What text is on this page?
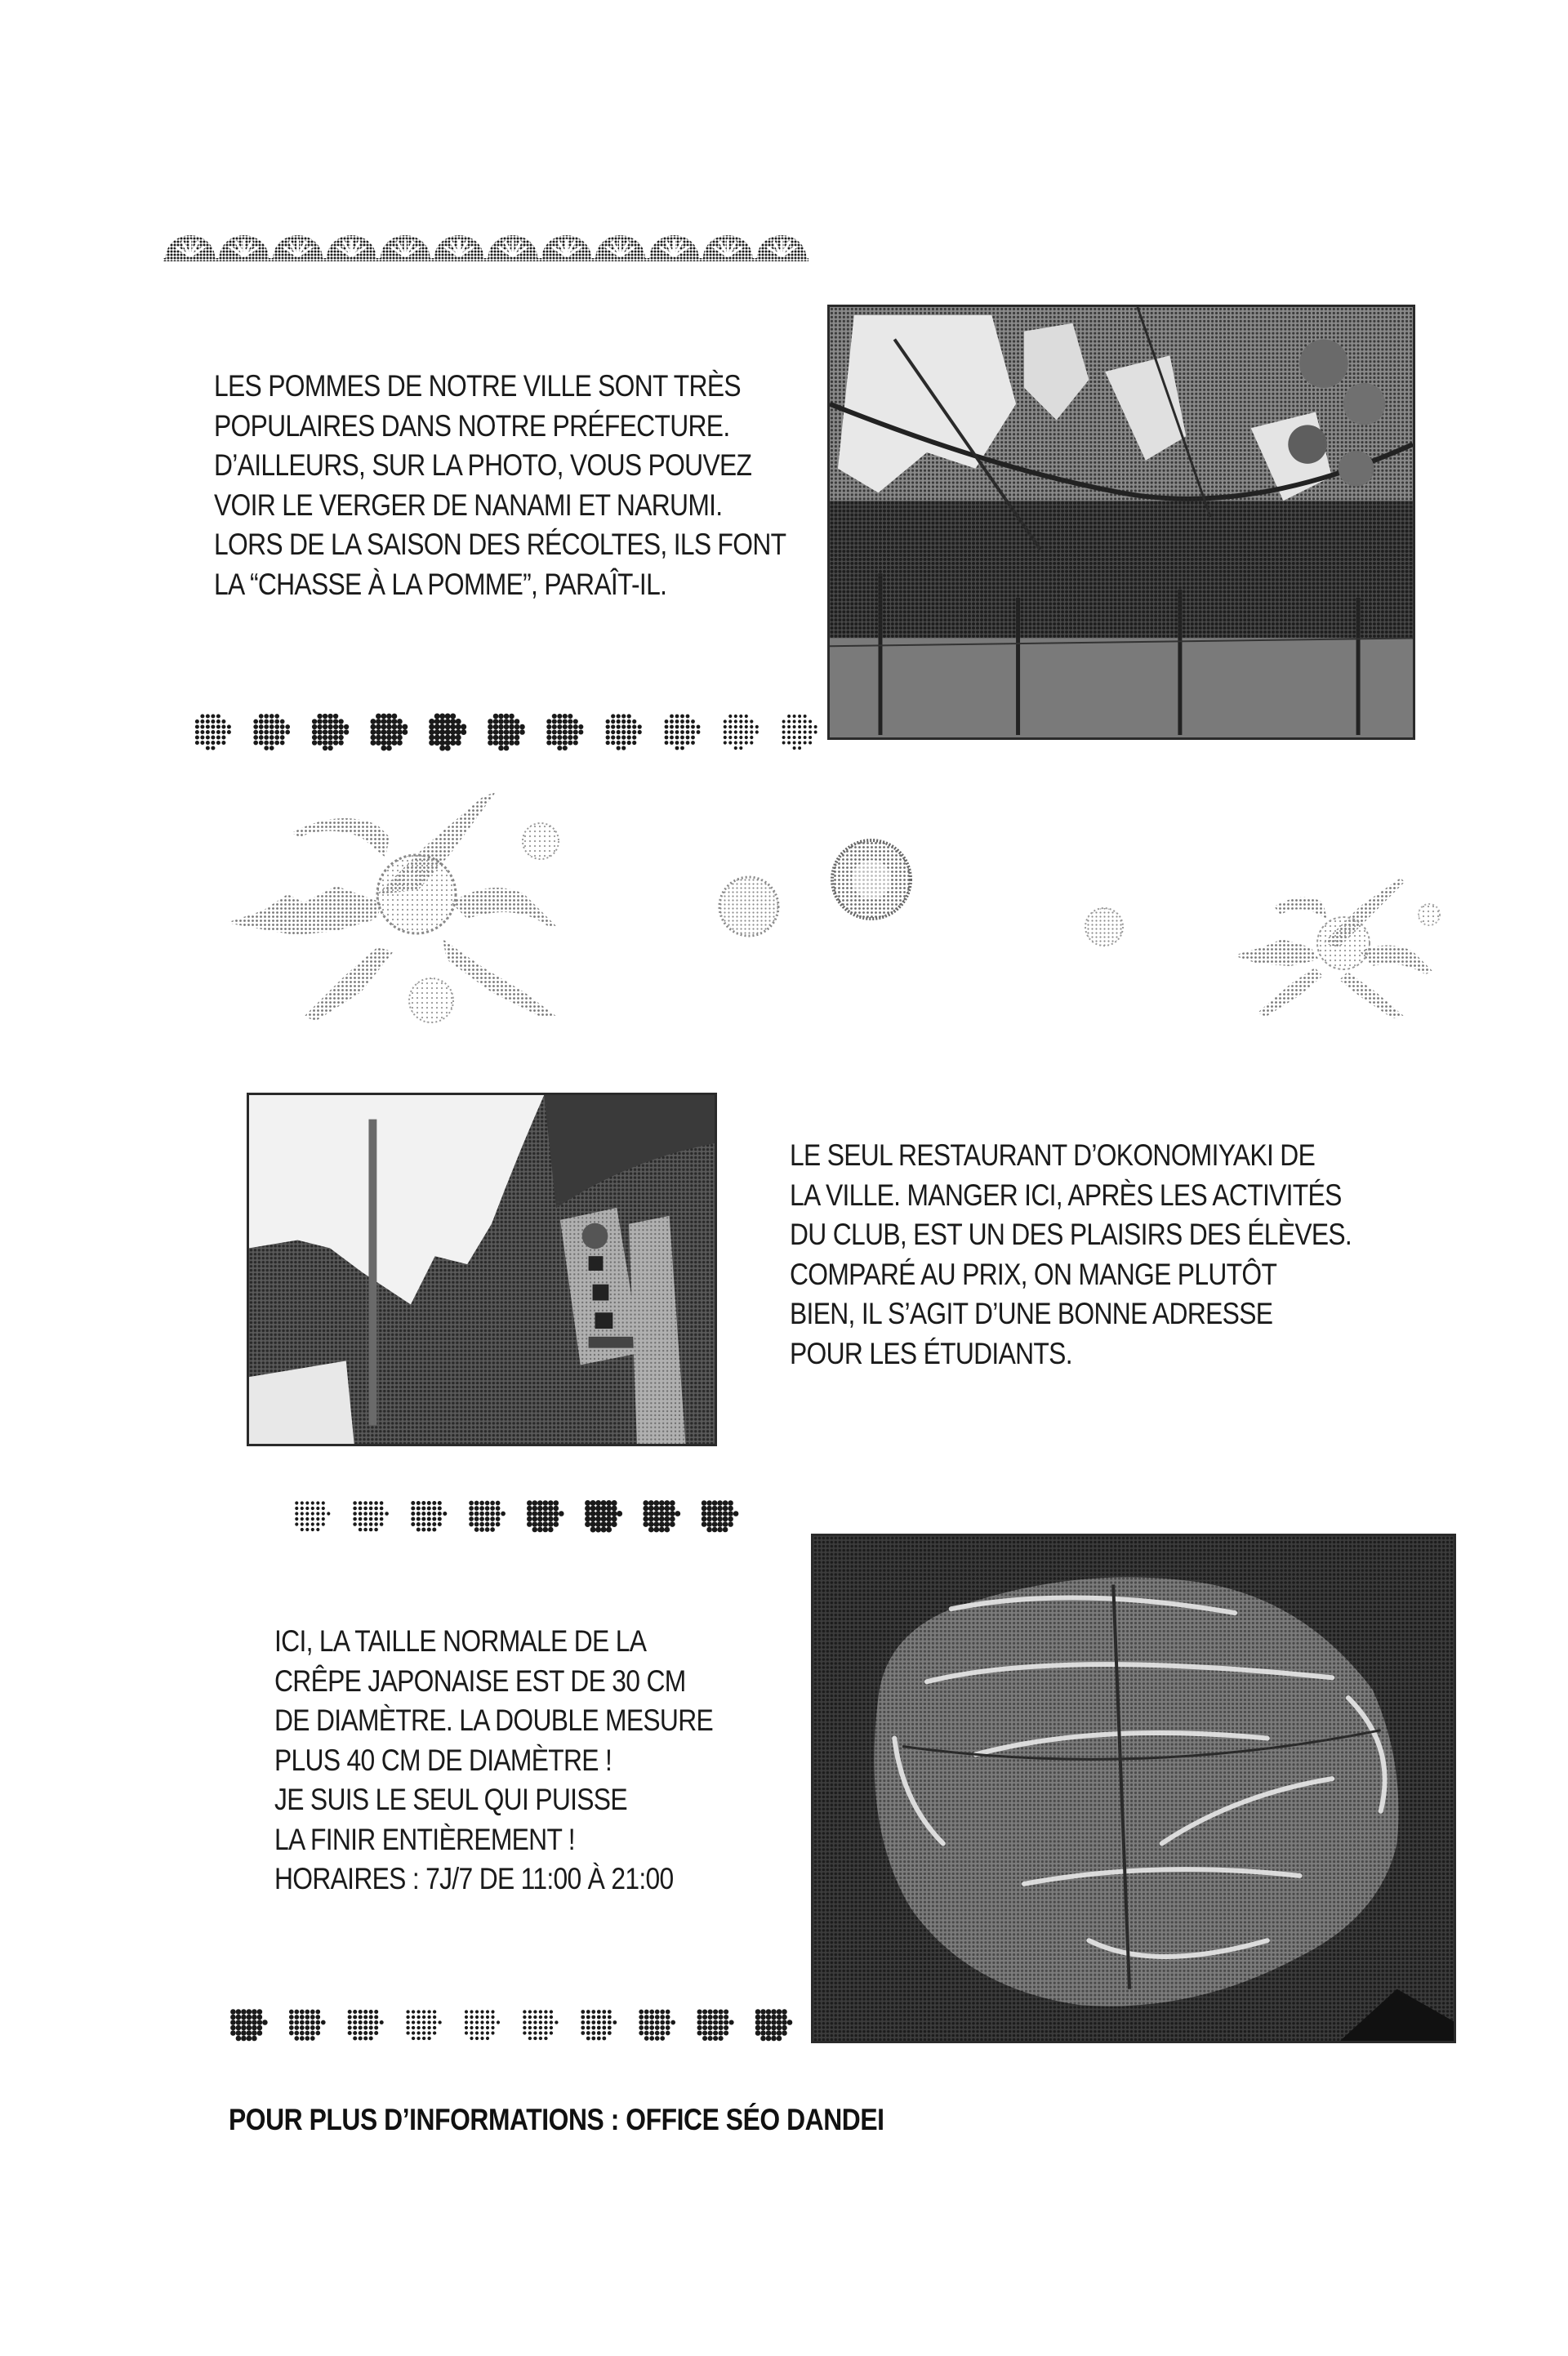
LES POMMES DE NOTRE VILLE SONT TRÈS
POPULAIRES DANS NOTRE PRÉFECTURE.
D’AILLEURS, SUR LA PHOTO, VOUS POUVEZ
VOIR LE VERGER DE NANAMI ET NARUMI.
LORS DE LA SAISON DES RÉCOLTES, ILS FONT
LA “CHASSE À LA POMME”, PARAÎT-IL.
LE SEUL RESTAURANT D’OKONOMIYAKI DE
LA VILLE. MANGER ICI, APRÈS LES ACTIVITÉS
DU CLUB, EST UN DES PLAISIRS DES ÉLÈVES.
COMPARÉ AU PRIX, ON MANGE PLUTÔT
BIEN, IL S’AGIT D’UNE BONNE ADRESSE
POUR LES ÉTUDIANTS.
ICI, LA TAILLE NORMALE DE LA
CRÊPE JAPONAISE EST DE 30 CM
DE DIAMÈTRE. LA DOUBLE MESURE
PLUS 40 CM DE DIAMÈTRE !
JE SUIS LE SEUL QUI PUISSE
LA FINIR ENTIÈREMENT !
HORAIRES : 7J/7 DE 11:00 À 21:00
POUR PLUS D’INFORMATIONS : OFFICE SÉO DANDEI
